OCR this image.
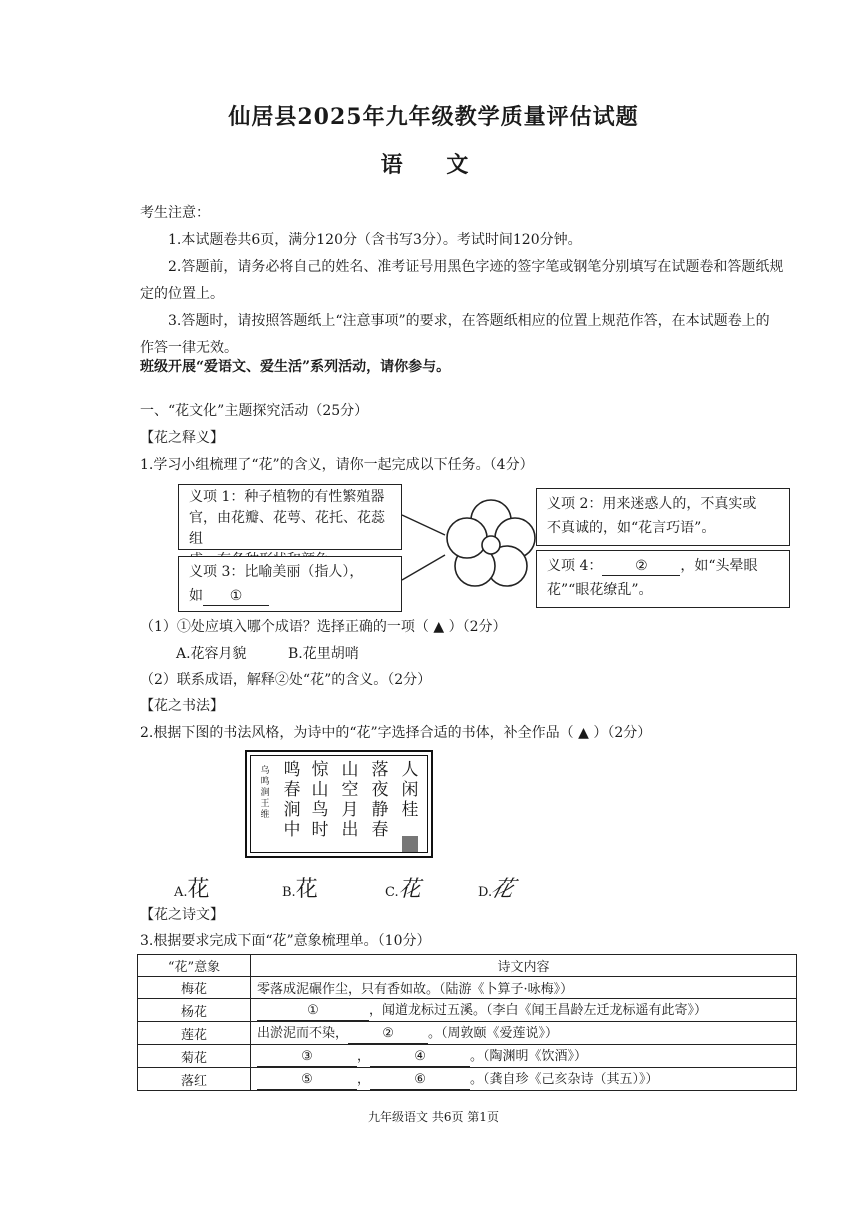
仙居县2025年九年级教学质量评估试题
语 文
考生注意：
1.本试题卷共6页，满分120分（含书写3分）。考试时间120分钟。
2.答题前，请务必将自己的姓名、准考证号用黑色字迹的签字笔或钢笔分别填写在试题卷和答题纸规
定的位置上。
3.答题时，请按照答题纸上“注意事项”的要求，在答题纸相应的位置上规范作答，在本试题卷上的
作答一律无效。
班级开展“爱语文、爱生活”系列活动，请你参与。
一、“花文化”主题探究活动（25分）
【花之释义】
1.学习小组梳理了“花”的含义，请你一起完成以下任务。（4分）
义项 1：种子植物的有性繁殖器
官，由花瓣、花萼、花托、花蕊组
义项 2：用来迷惑人的，不真实或
不真诚的，如“花言巧语”。
义项 3：比喻美丽（指人），
如 ①
义项 4： ② ，如“头晕眼
花”“眼花缭乱”。
（1）①处应填入哪个成语？选择正确的一项（ ▲ ）（2分）
A.花容月貌	B.花里胡哨
（2）联系成语，解释②处“花”的含义。（2分）
【花之书法】
2.根据下图的书法风格，为诗中的“花”字选择合适的书体，补全作品（ ▲ ）（2分）
人
闲
桂
落
夜
静
春
山
空
月
出
惊
山
鸟
时
鸣
春
涧
中
乌
鸣
涧
王
维
A.花	B.花	C.花	D.花
【花之诗文】
3.根据要求完成下面“花”意象梳理单。（10分）
“花”意象	诗文内容
梅花	零落成泥碾作尘，只有香如故。（陆游《卜算子·咏梅》）
杨花	① ，闻道龙标过五溪。（李白《闻王昌龄左迁龙标遥有此寄》）
莲花	出淤泥而不染， ② 。（周敦颐《爱莲说》）
菊花	③ ， ④ 。（陶渊明《饮酒》）
落红	⑤ ， ⑥ 。（龚自珍《己亥杂诗（其五）》）
九年级语文 共6页 第1页
